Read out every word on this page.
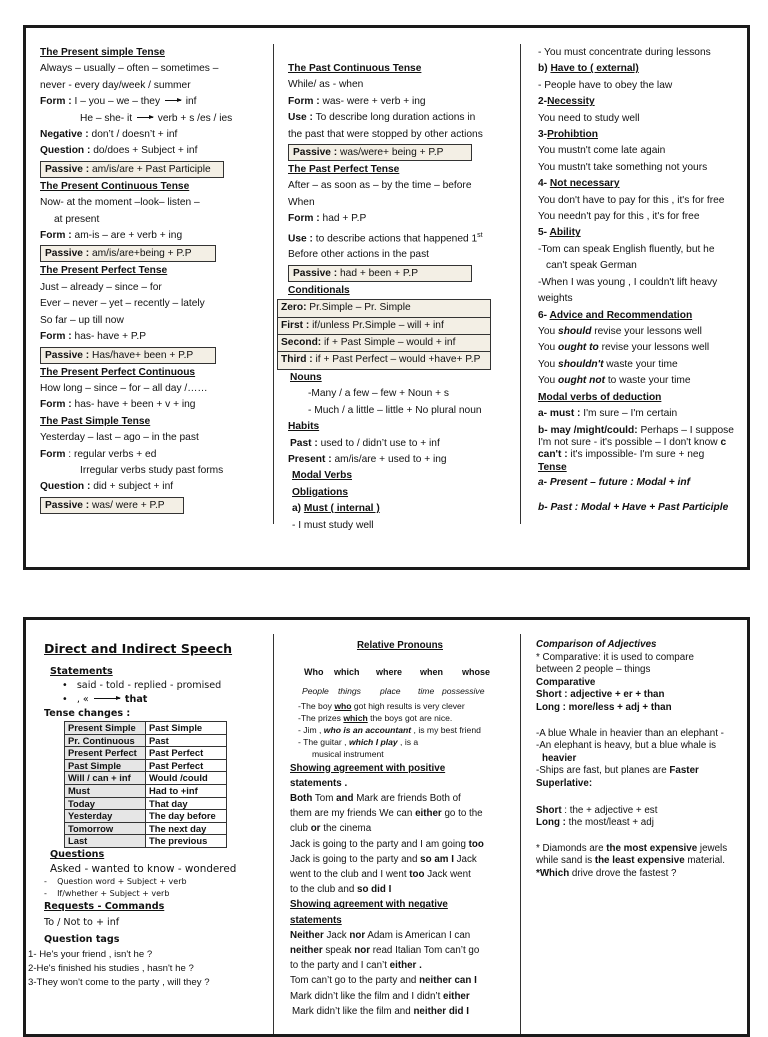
The Present simple Tense
Always – usually – often – sometimes –
never - every day/week / summer
Form : I – you – we – they	inf
He – she- it	verb + s /es / ies
Negative : don’t / doesn’t + inf
Question : do/does + Subject + inf
Passive : am/is/are + Past Participle
The Present Continuous Tense
Now- at the moment –look– listen –
at present
Form : am-is – are + verb + ing
Passive : am/is/are+being + P.P
The Present Perfect Tense
Just – already – since – for
Ever – never – yet – recently – lately
So far – up till now
Form : has- have + P.P
Passive : Has/have+ been + P.P
The Present Perfect Continuous
How long – since – for – all day /……
Form : has- have + been + v + ing
The Past Simple Tense
Yesterday – last – ago – in the past
Form : regular verbs + ed
Irregular verbs study past forms
Question : did + subject + inf
Passive : was/ were + P.P
The Past Continuous Tense
While/ as - when
Form : was- were + verb + ing
Use : To describe long duration actions in
the past that were stopped by other actions
Passive : was/were+ being + P.P
The Past Perfect Tense
After – as soon as – by the time – before
When
Form : had + P.P
Use : to describe actions that happened 1st
Before other actions in the past
Passive : had + been + P.P
Conditionals
Zero: Pr.Simple – Pr. Simple
First : if/unless Pr.Simple – will + inf
Second: if + Past Simple – would + inf
Third : if + Past Perfect – would +have+ P.P
Nouns
-Many / a few – few + Noun + s
- Much / a little – little + No plural noun
Habits
Past : used to / didn’t use to + inf
Present : am/is/are + used to + ing
Modal Verbs
Obligations
a) Must ( internal )
- I must study well
- You must concentrate during lessons
b) Have to ( external)
- People have to obey the law
2-Necessity
You need to study well
3-Prohibtion
You mustn't come late again
You mustn't take something not yours
4- Not necessary
You don't have to pay for this , it's for free
You needn't pay for this , it's for free
5- Ability
-Tom can speak English fluently, but he
can't speak German
-When I was young , I couldn't lift heavy
weights
6- Advice and Recommendation
You should revise your lessons well
You ought to revise your lessons well
You shouldn't waste your time
You ought not to waste your time
Modal verbs of deduction
a- must : I'm sure – I'm certain
b- may /might/could: Perhaps – I suppose
I'm not sure - it's possible – I don't know c
can't : it's impossible- I'm sure + neg
Tense
a- Present – future : Modal + inf
b- Past : Modal + Have + Past Participle
Direct and Indirect Speech
Statements
•   said - told - replied - promised
•   , «	that
Tense changes :
Present Simple	Past Simple
Pr. Continuous	Past
Present Perfect	Past Perfect
Past Simple	Past Perfect
Will / can + inf	Would /could
Must	Had to +inf
Today	That day
Yesterday	The day before
Tomorrow	The next day
Last	The previous
Questions
Asked - wanted to know - wondered
-    Question word + Subject + verb
-    If/whether + Subject + verb
Requests - Commands
To / Not to + inf
Question tags
1- He's your friend , isn't he ?
2-He's finished his studies , hasn't he ?
3-They won't come to the party , will they ?
Relative Pronouns
Who which where when whose
People things place time possessive
-The boy who got high results is very clever
-The prizes which the boys got are nice.
- Jim , who is an accountant , is my best friend
- The guitar , which I play , is a
musical instrument
Showing agreement with positive
statements .
Both Tom and Mark are friends Both of
them are my friends We can either go to the
club or the cinema
Jack is going to the party and I am going too
Jack is going to the party and so am I Jack
went to the club and I went too Jack went
to the club and so did I
Showing agreement with negative
statements
Neither Jack nor Adam is American I can
neither speak nor read Italian Tom can’t go
to the party and I can’t either .
Tom can’t go to the party and neither can I
Mark didn’t like the film and I didn’t either
Mark didn’t like the film and neither did I
Comparison of Adjectives
* Comparative: it is used to compare
between 2 people – things
Comparative
Short : adjective + er + than
Long : more/less + adj + than
-A blue Whale in heavier than an elephant -
-An elephant is heavy, but a blue whale is
heavier
-Ships are fast, but planes are Faster
Superlative:
Short : the + adjective + est
Long : the most/least + adj
* Diamonds are the most expensive jewels
while sand is the least expensive material.
*Which drive drove the fastest ?
